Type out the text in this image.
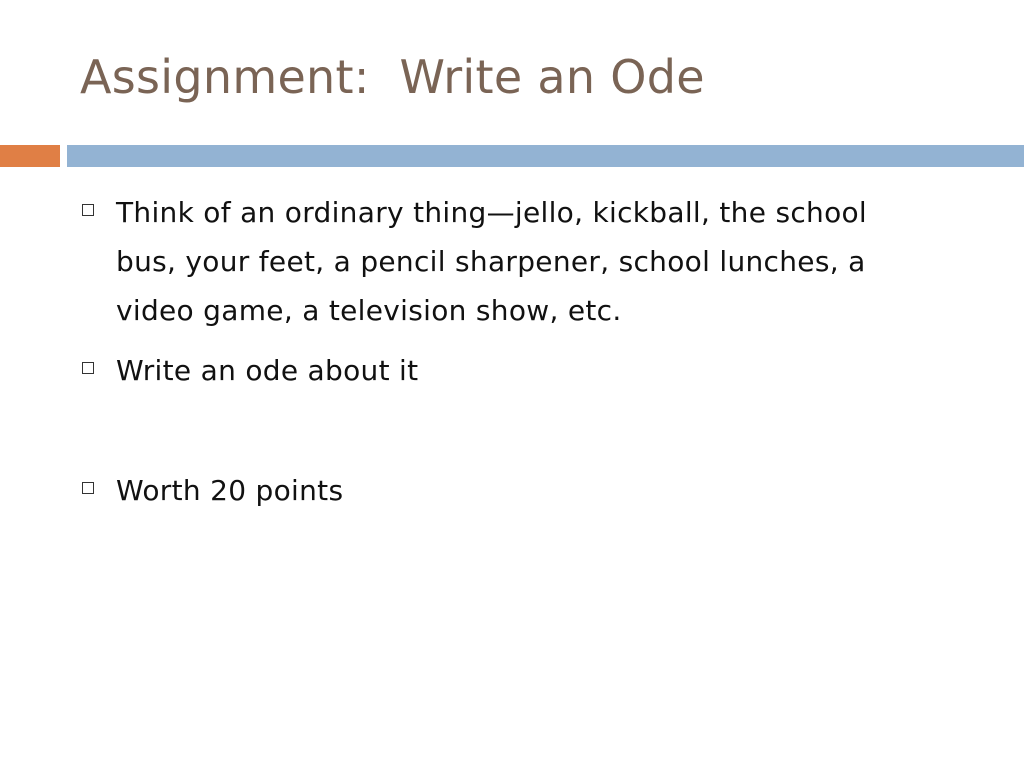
Assignment:  Write an Ode
Think of an ordinary thing—jello, kickball, the school bus, your feet, a pencil sharpener, school lunches, a video game, a television show, etc.
Write an ode about it
Worth 20 points
